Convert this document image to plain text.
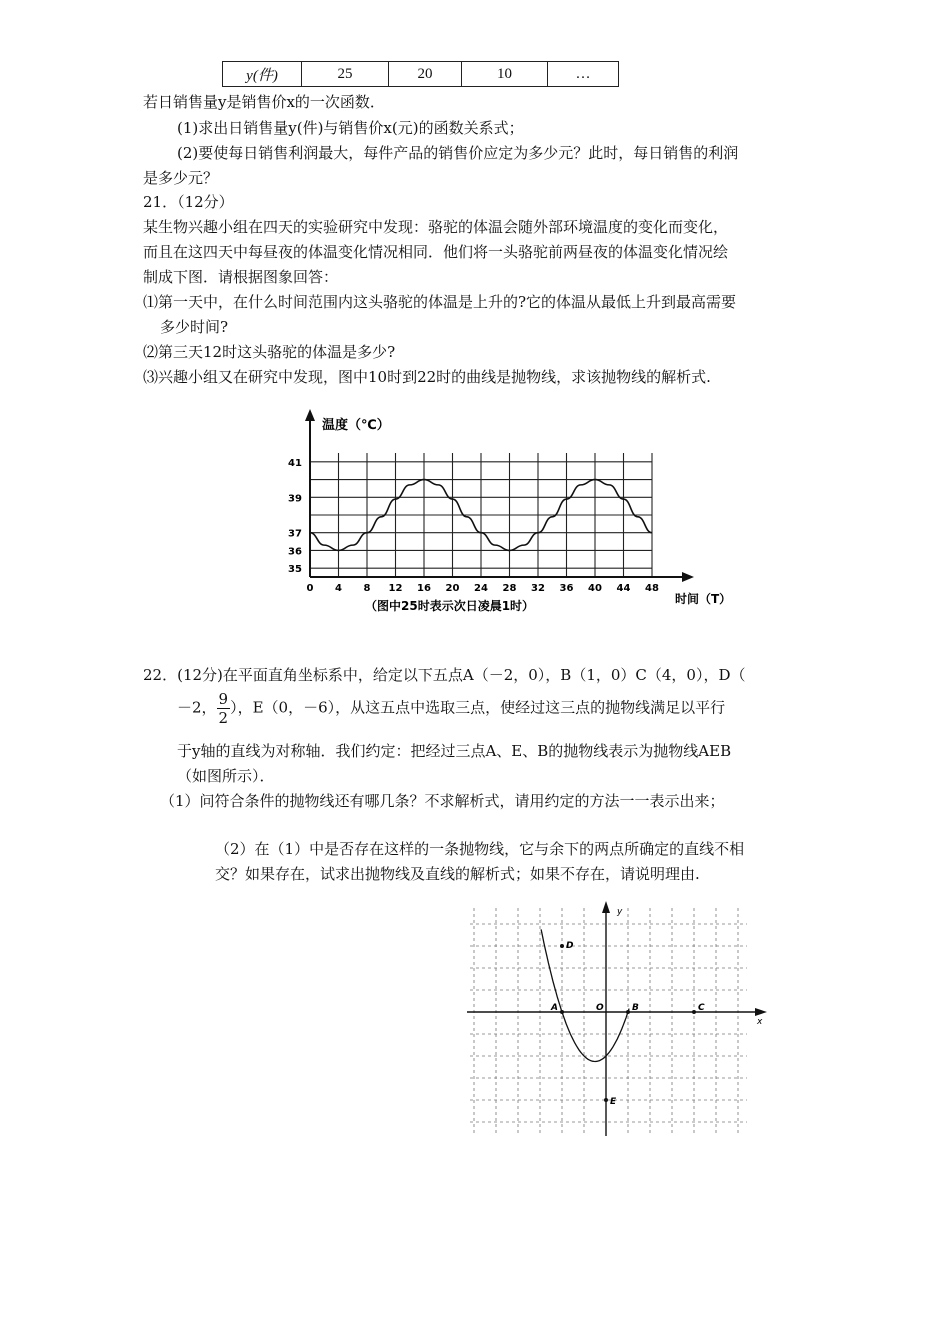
y(件)	25	20	10	…
若日销售量y是销售价x的一次函数．
(1)求出日销售量y(件)与销售价x(元)的函数关系式；
(2)要使每日销售利润最大，每件产品的销售价应定为多少元？此时，每日销售的利润
是多少元？
21．（12分）
某生物兴趣小组在四天的实验研究中发现：骆驼的体温会随外部环境温度的变化而变化，
而且在这四天中每昼夜的体温变化情况相同．他们将一头骆驼前两昼夜的体温变化情况绘
制成下图．请根据图象回答：
⑴第一天中，在什么时间范围内这头骆驼的体温是上升的?它的体温从最低上升到最高需要
多少时间?
⑵第三天12时这头骆驼的体温是多少?
⑶兴趣小组又在研究中发现，图中10时到22时的曲线是抛物线，求该抛物线的解析式.
0 4 8 12 16 20 24 28 32 36 40 44 48
35
36
37
39
41
温度（℃）
时间（T）
（图中25时表示次日凌晨1时）
22．(12分)在平面直角坐标系中，给定以下五点A（－2，0），B（1，0）C（4，0），D（
－2， $\frac{9}{2}$ ），E（0，－6），从这五点中选取三点，使经过这三点的抛物线满足以平行
于y轴的直线为对称轴．我们约定：把经过三点A、E、B的抛物线表示为抛物线AEB
（如图所示）．
（1）问符合条件的抛物线还有哪几条？不求解析式，请用约定的方法一一表示出来；
（2）在（1）中是否存在这样的一条抛物线，它与余下的两点所确定的直线不相
交？如果存在，试求出抛物线及直线的解析式；如果不存在，请说明理由.
y
x
D
A	O	B	C
E
